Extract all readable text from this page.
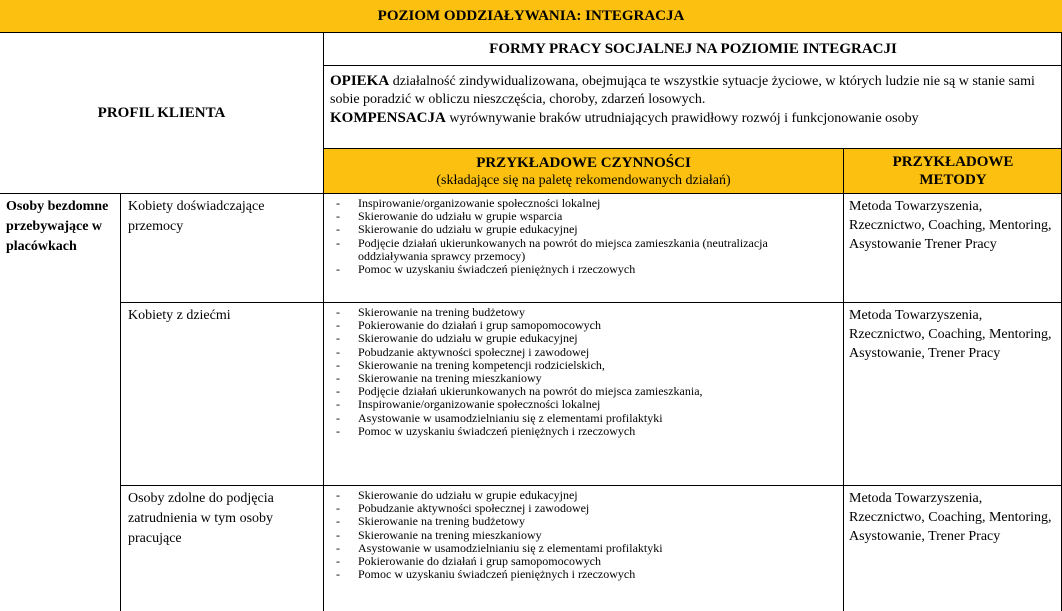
POZIOM ODDZIAŁYWANIA: INTEGRACJA
PROFIL KLIENTA
FORMY PRACY SOCJALNEJ NA POZIOMIE INTEGRACJI
OPIEKA działalność zindywidualizowana, obejmująca te wszystkie sytuacje życiowe, w których ludzie nie są w stanie sami sobie poradzić w obliczu nieszczęścia, choroby, zdarzeń losowych.
KOMPENSACJA wyrównywanie braków utrudniających prawidłowy rozwój i funkcjonowanie osoby
PRZYKŁADOWE CZYNNOŚCI
(składające się na paletę rekomendowanych działań)
PRZYKŁADOWE METODY
Osoby bezdomne przebywające w placówkach
Kobiety doświadczające przemocy
- Inspirowanie/organizowanie społeczności lokalnej
- Skierowanie do udziału w grupie wsparcia
- Skierowanie do udziału w grupie edukacyjnej
- Podjęcie działań ukierunkowanych na powrót do miejsca zamieszkania (neutralizacja oddziaływania sprawcy przemocy)
- Pomoc w uzyskaniu świadczeń pieniężnych i rzeczowych
Metoda Towarzyszenia, Rzecznictwo, Coaching, Mentoring, Asystowanie Trener Pracy
Kobiety z dziećmi
-	Skierowanie na trening budżetowy
- Pokierowanie do działań i grup samopomocowych
- Skierowanie do udziału w grupie edukacyjnej
- Pobudzanie aktywności społecznej i zawodowej
- Skierowanie na trening kompetencji rodzicielskich,
- Skierowanie na trening mieszkaniowy
- Podjęcie działań ukierunkowanych na powrót do miejsca zamieszkania,
- Inspirowanie/organizowanie społeczności lokalnej
- Asystowanie w usamodzielnianiu się z elementami profilaktyki
- Pomoc w uzyskaniu świadczeń pieniężnych i rzeczowych
Metoda Towarzyszenia, Rzecznictwo, Coaching, Mentoring, Asystowanie, Trener Pracy
Osoby zdolne do podjęcia zatrudnienia w tym osoby pracujące
- Skierowanie do udziału w grupie edukacyjnej
- Pobudzanie aktywności społecznej i zawodowej
- Skierowanie na trening budżetowy
- Skierowanie na trening mieszkaniowy
- Asystowanie w usamodzielnianiu się z elementami profilaktyki
- Pokierowanie do działań i grup samopomocowych
- Pomoc w uzyskaniu świadczeń pieniężnych i rzeczowych
Metoda Towarzyszenia, Rzecznictwo, Coaching, Mentoring, Asystowanie, Trener Pracy
